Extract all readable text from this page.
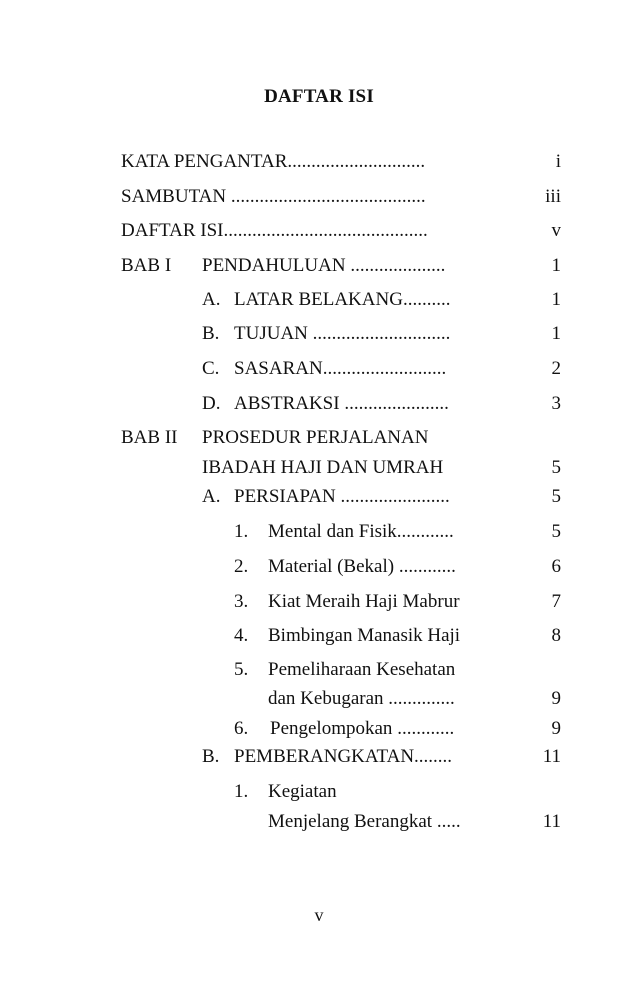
DAFTAR ISI
KATA PENGANTAR.............................	i
SAMBUTAN .........................................	iii
DAFTAR ISI...........................................	v
BAB I PENDAHULUAN ....................	1
A. LATAR BELAKANG..........	1
B. TUJUAN .............................	1
C. SASARAN..........................	2
D. ABSTRAKSI ......................	3
BAB II PROSEDUR PERJALANAN
IBADAH HAJI DAN UMRAH	5
A. PERSIAPAN .......................	5
1. Mental dan Fisik............	5
2. Material (Bekal) ............	6
3. Kiat Meraih Haji Mabrur	7
4. Bimbingan Manasik Haji	8
5. Pemeliharaan Kesehatan
dan Kebugaran ..............	9
6. Pengelompokan ............	9
B. PEMBERANGKATAN........	11
1. Kegiatan
Menjelang Berangkat .....	11
v
